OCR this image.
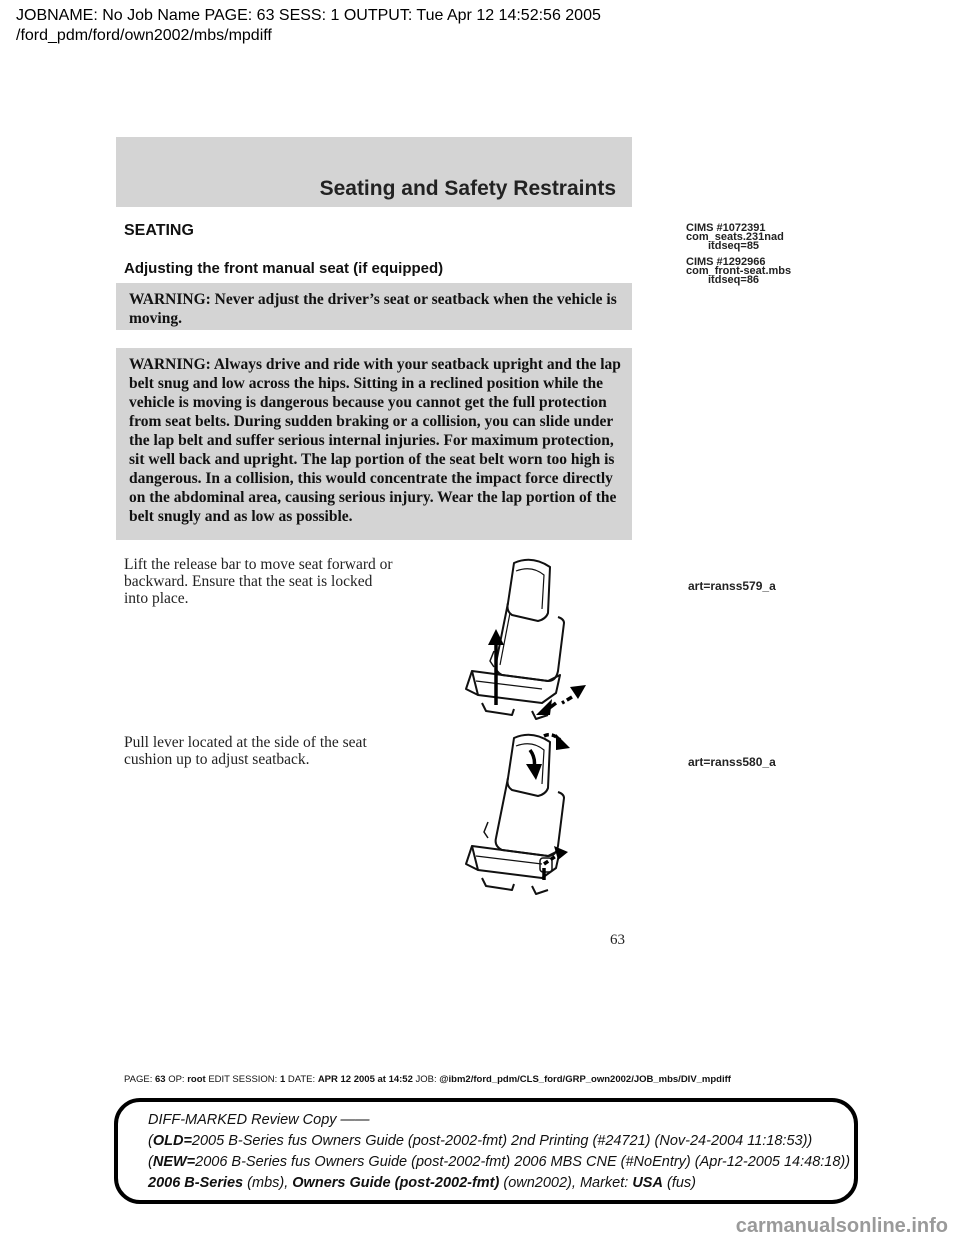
JOBNAME: No Job Name PAGE: 63 SESS: 1 OUTPUT: Tue Apr 12 14:52:56 2005
/ford_pdm/ford/own2002/mbs/mpdiff
Seating and Safety Restraints
SEATING
Adjusting the front manual seat (if equipped)
CIMS #1072391
com_seats.231nad
itdseq=85
CIMS #1292966
com_front-seat.mbs
itdseq=86
WARNING: Never adjust the driver’s seat or seatback when the vehicle is moving.
WARNING: Always drive and ride with your seatback upright and the lap belt snug and low across the hips. Sitting in a reclined position while the vehicle is moving is dangerous because you cannot get the full protection from seat belts. During sudden braking or a collision, you can slide under the lap belt and suffer serious internal injuries. For maximum protection, sit well back and upright. The lap portion of the seat belt worn too high is dangerous. In a collision, this would concentrate the impact force directly on the abdominal area, causing serious injury. Wear the lap portion of the belt snugly and as low as possible.
Lift the release bar to move seat forward or backward. Ensure that the seat is locked into place.
art=ranss579_a
Pull lever located at the side of the seat cushion up to adjust seatback.	art=ranss580_a
63
PAGE: 63 OP: root EDIT SESSION: 1 DATE: APR 12 2005 at 14:52 JOB: @ibm2/ford_pdm/CLS_ford/GRP_own2002/JOB_mbs/DIV_mpdiff
DIFF-MARKED Review Copy ——
(OLD=2005 B-Series fus Owners Guide (post-2002-fmt) 2nd Printing (#24721) (Nov-24-2004 11:18:53))
(NEW=2006 B-Series fus Owners Guide (post-2002-fmt) 2006 MBS CNE (#NoEntry) (Apr-12-2005 14:48:18))
2006 B-Series (mbs), Owners Guide (post-2002-fmt) (own2002), Market: USA (fus)
carmanualsonline.info
